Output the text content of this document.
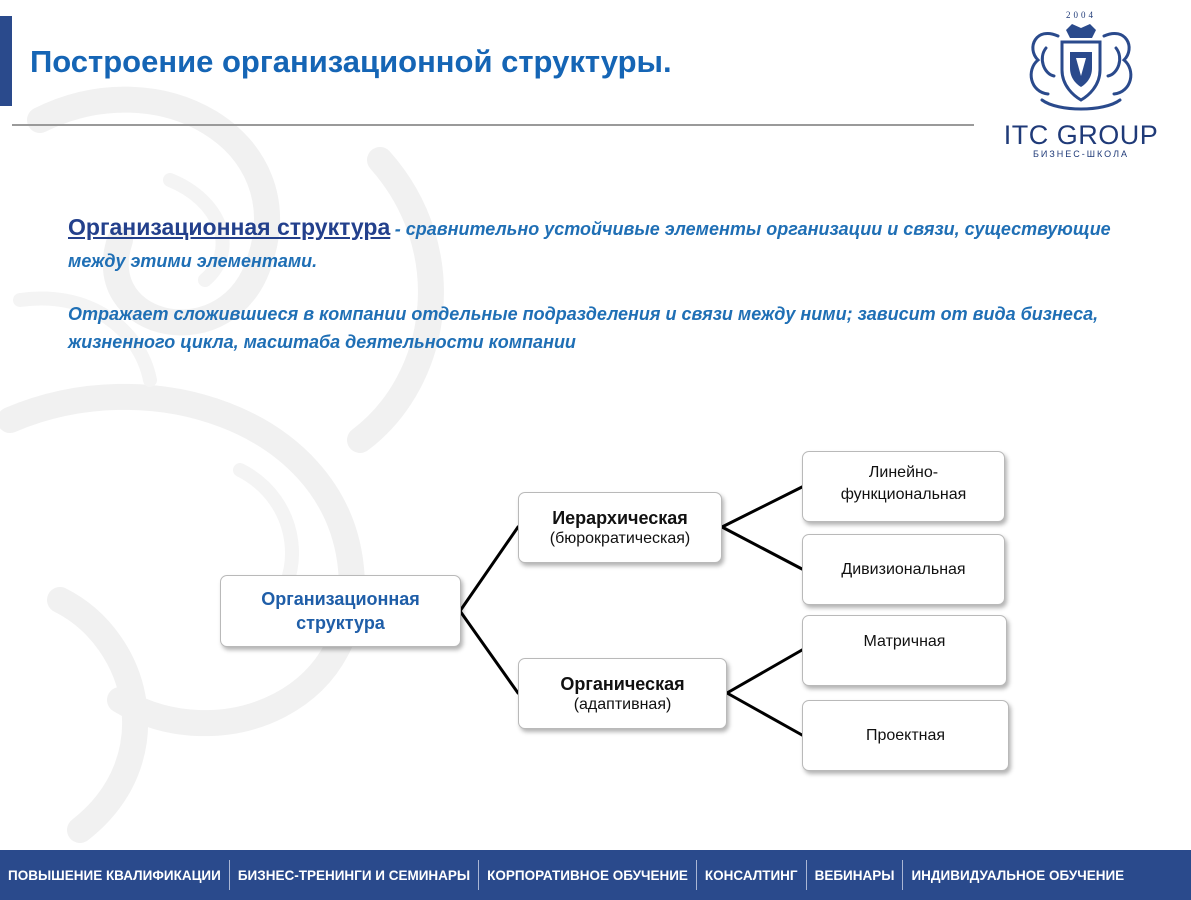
Построение организационной структуры.
2004
ITC GROUP
БИЗНЕС-ШКОЛА
Организационная структура - сравнительно устойчивые элементы организации и связи, существующие между этими элементами.
Отражает сложившиеся в компании отдельные подразделения и связи между ними; зависит от вида бизнеса, жизненного цикла, масштаба деятельности компании
Организационная структура
Иерархическая
(бюрократическая)
Органическая
(адаптивная)
Линейно-функциональная
Дивизиональная
Матричная
Проектная
ПОВЫШЕНИЕ КВАЛИФИКАЦИИ	БИЗНЕС-ТРЕНИНГИ И СЕМИНАРЫ	КОРПОРАТИВНОЕ ОБУЧЕНИЕ	КОНСАЛТИНГ	ВЕБИНАРЫ	ИНДИВИДУАЛЬНОЕ ОБУЧЕНИЕ
